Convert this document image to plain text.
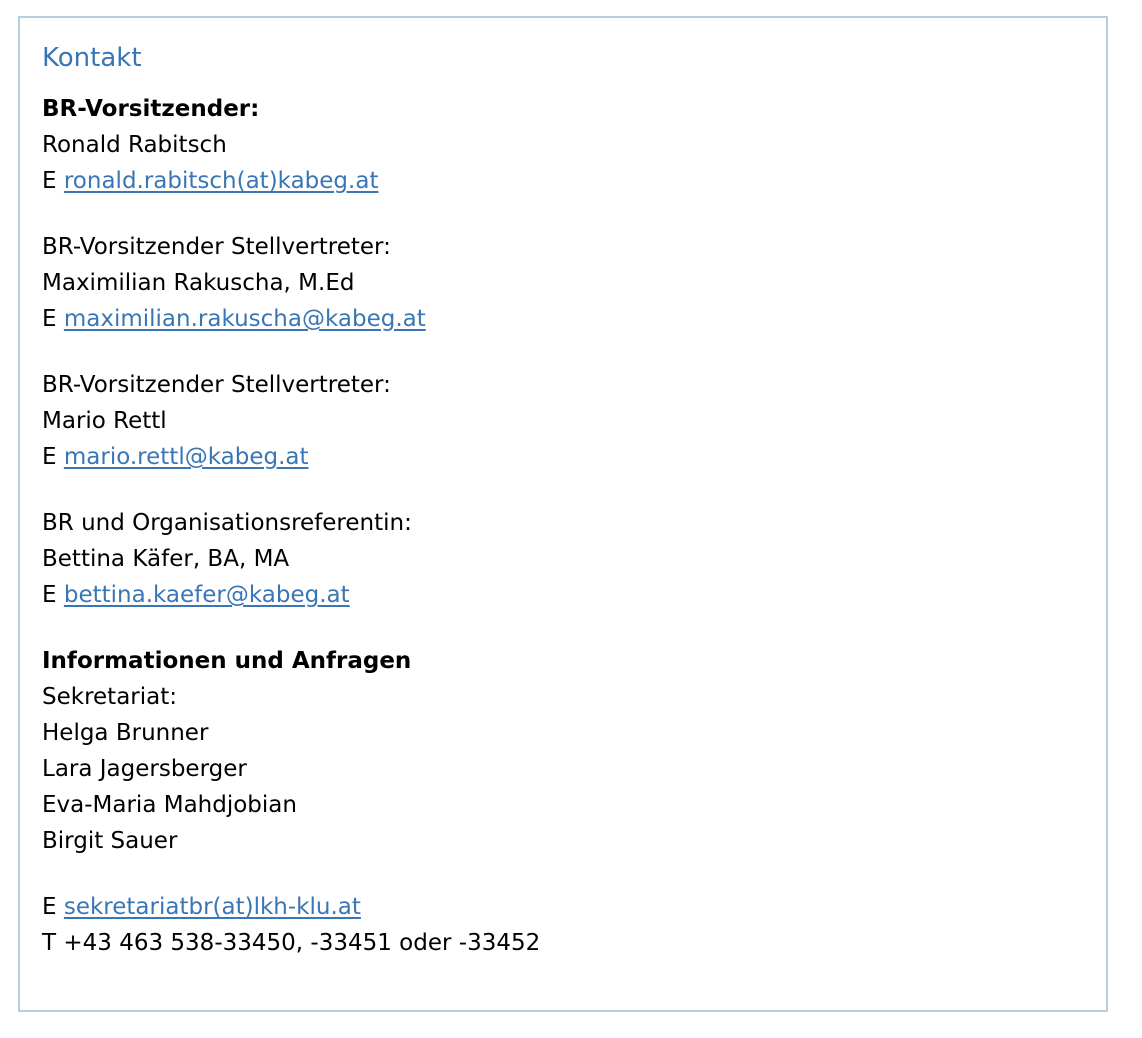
Kontakt
BR-Vorsitzender:
Ronald Rabitsch
E ronald.rabitsch(at)kabeg.at
BR-Vorsitzender Stellvertreter:
Maximilian Rakuscha, M.Ed
E maximilian.rakuscha@kabeg.at
BR-Vorsitzender Stellvertreter:
Mario Rettl
E mario.rettl@kabeg.at
BR und Organisationsreferentin:
Bettina Käfer, BA, MA
E bettina.kaefer@kabeg.at
Informationen und Anfragen
Sekretariat:
Helga Brunner
Lara Jagersberger
Eva-Maria Mahdjobian
Birgit Sauer
E sekretariatbr(at)lkh-klu.at
T +43 463 538-33450, -33451 oder -33452
